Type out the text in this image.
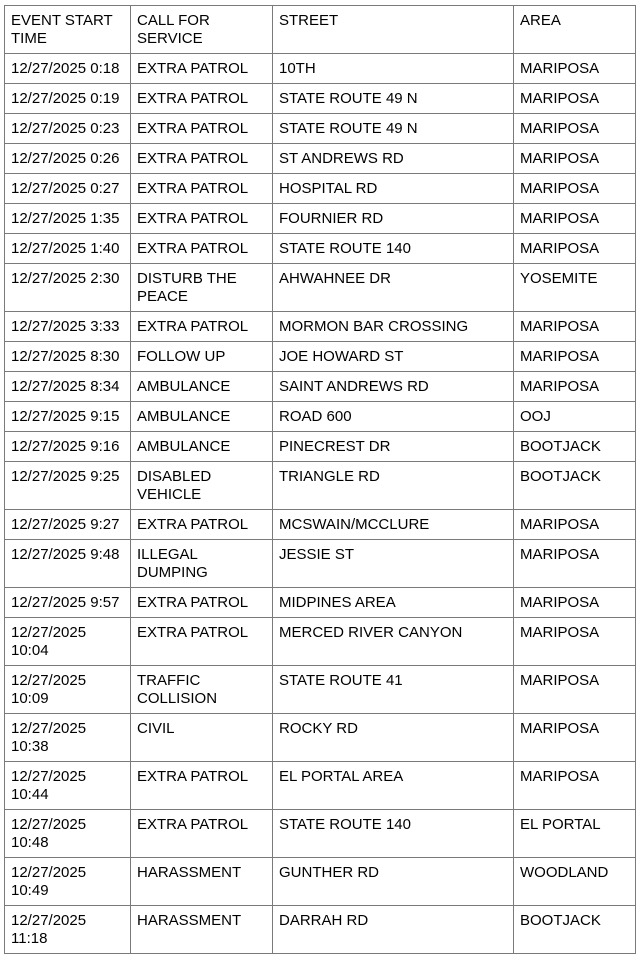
EVENT START TIME	CALL FOR SERVICE	STREET	AREA
12/27/2025 0:18	EXTRA PATROL	10TH	MARIPOSA
12/27/2025 0:19	EXTRA PATROL	STATE ROUTE 49 N	MARIPOSA
12/27/2025 0:23	EXTRA PATROL	STATE ROUTE 49 N	MARIPOSA
12/27/2025 0:26	EXTRA PATROL	ST ANDREWS RD	MARIPOSA
12/27/2025 0:27	EXTRA PATROL	HOSPITAL RD	MARIPOSA
12/27/2025 1:35	EXTRA PATROL	FOURNIER RD	MARIPOSA
12/27/2025 1:40	EXTRA PATROL	STATE ROUTE 140	MARIPOSA
12/27/2025 2:30	DISTURB THE PEACE	AHWAHNEE DR	YOSEMITE
12/27/2025 3:33	EXTRA PATROL	MORMON BAR CROSSING	MARIPOSA
12/27/2025 8:30	FOLLOW UP	JOE HOWARD ST	MARIPOSA
12/27/2025 8:34	AMBULANCE	SAINT ANDREWS RD	MARIPOSA
12/27/2025 9:15	AMBULANCE	ROAD 600	OOJ
12/27/2025 9:16	AMBULANCE	PINECREST DR	BOOTJACK
12/27/2025 9:25	DISABLED VEHICLE	TRIANGLE RD	BOOTJACK
12/27/2025 9:27	EXTRA PATROL	MCSWAIN/MCCLURE	MARIPOSA
12/27/2025 9:48	ILLEGAL DUMPING	JESSIE ST	MARIPOSA
12/27/2025 9:57	EXTRA PATROL	MIDPINES AREA	MARIPOSA
12/27/2025 10:04	EXTRA PATROL	MERCED RIVER CANYON	MARIPOSA
12/27/2025 10:09	TRAFFIC COLLISION	STATE ROUTE 41	MARIPOSA
12/27/2025 10:38	CIVIL	ROCKY RD	MARIPOSA
12/27/2025 10:44	EXTRA PATROL	EL PORTAL AREA	MARIPOSA
12/27/2025 10:48	EXTRA PATROL	STATE ROUTE 140	EL PORTAL
12/27/2025 10:49	HARASSMENT	GUNTHER RD	WOODLAND
12/27/2025 11:18	HARASSMENT	DARRAH RD	BOOTJACK
